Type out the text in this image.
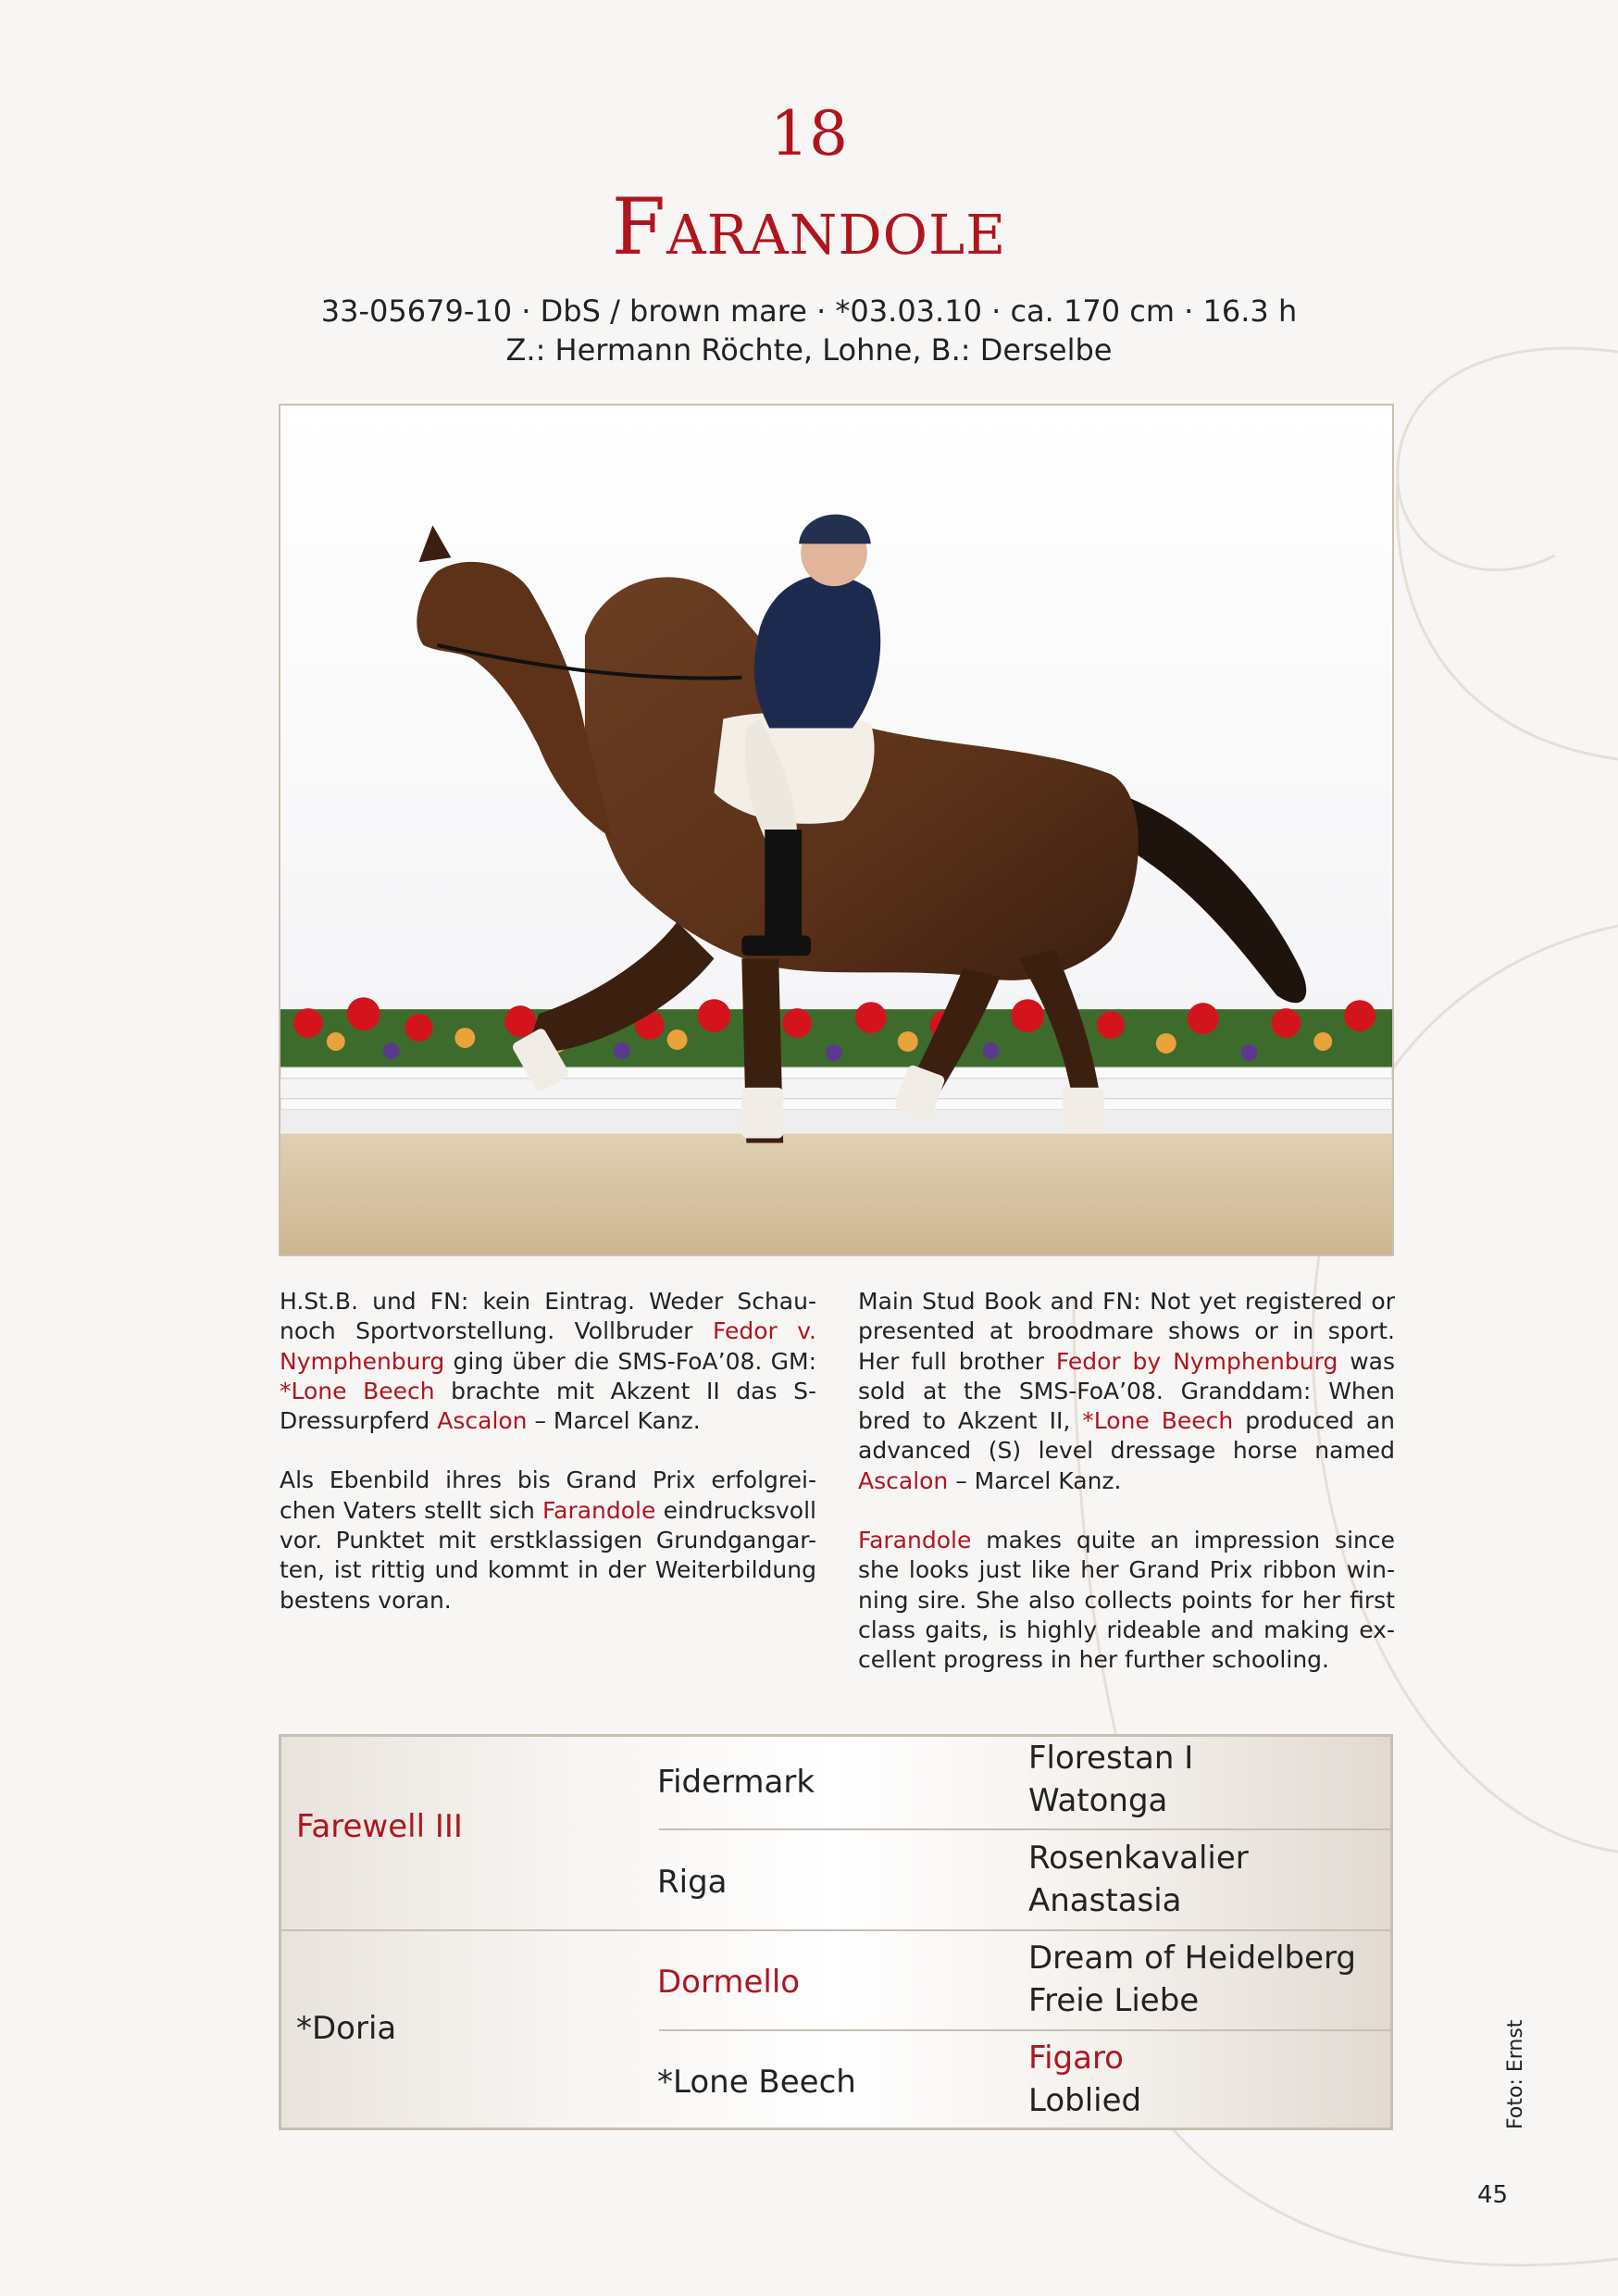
18
Farandole
33-05679-10 · DbS / brown mare · *03.03.10 · ca. 170 cm · 16.3 h
Z.: Hermann Röchte, Lohne, B.: Derselbe

H.St.B. und FN: kein Eintrag. Weder Schau-noch Sportvorstellung. Vollbruder Fedor v. Nymphenburg ging über die SMS-FoA’08. GM: *Lone Beech brachte mit Akzent II das S-Dressurpferd Ascalon – Marcel Kanz.

Als Ebenbild ihres bis Grand Prix erfolgrei-chen Vaters stellt sich Farandole eindrucksvoll vor. Punktet mit erstklassigen Grundgangar-ten, ist rittig und kommt in der Weiterbildung bestens voran.

Main Stud Book and FN: Not yet registered or presented at broodmare shows or in sport. Her full brother Fedor by Nymphenburg was sold at the SMS-FoA’08. Granddam: When bred to Akzent II, *Lone Beech produced an advanced (S) level dressage horse named Ascalon – Marcel Kanz.

Farandole makes quite an impression since she looks just like her Grand Prix ribbon win-ning sire. She also collects points for her first class gaits, is highly rideable and making ex-cellent progress in her further schooling.

Farewell III
*Doria
Fidermark
Riga
Dormello
*Lone Beech
Florestan I
Watonga
Rosenkavalier
Anastasia
Dream of Heidelberg
Freie Liebe
Figaro
Loblied	Foto: Ernst
45
